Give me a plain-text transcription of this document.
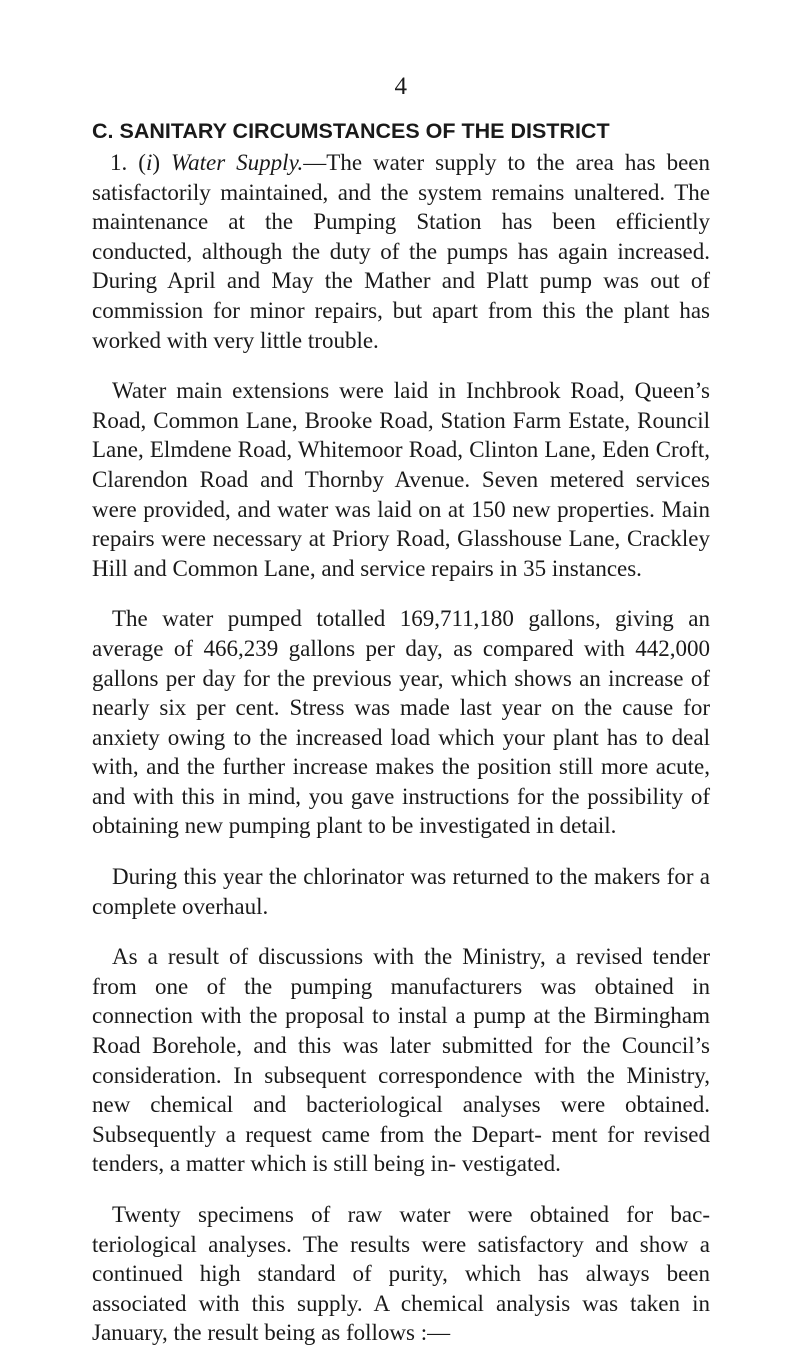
4
C. SANITARY CIRCUMSTANCES OF THE DISTRICT

1. (i) Water Supply.—The water supply to the area has been satisfactorily maintained, and the system remains unaltered. The maintenance at the Pumping Station has been efficiently conducted, although the duty of the pumps has again increased. During April and May the Mather and Platt pump was out of commission for minor repairs, but apart from this the plant has worked with very little trouble.

Water main extensions were laid in Inchbrook Road, Queen’s Road, Common Lane, Brooke Road, Station Farm Estate, Rouncil Lane, Elmdene Road, Whitemoor Road, Clinton Lane, Eden Croft, Clarendon Road and Thornby Avenue. Seven metered services were provided, and water was laid on at 150 new properties. Main repairs were necessary at Priory Road, Glasshouse Lane, Crackley Hill and Common Lane, and service repairs in 35 instances.

The water pumped totalled 169,711,180 gallons, giving an average of 466,239 gallons per day, as compared with 442,000 gallons per day for the previous year, which shows an increase of nearly six per cent. Stress was made last year on the cause for anxiety owing to the increased load which your plant has to deal with, and the further increase makes the position still more acute, and with this in mind, you gave instructions for the possibility of obtaining new pumping plant to be investigated in detail.

During this year the chlorinator was returned to the makers for a complete overhaul.

As a result of discussions with the Ministry, a revised tender from one of the pumping manufacturers was obtained in connection with the proposal to instal a pump at the Birmingham Road Borehole, and this was later submitted for the Council’s consideration. In subsequent correspondence with the Ministry, new chemical and bacteriological analyses were obtained. Subsequently a request came from the Depart- ment for revised tenders, a matter which is still being in- vestigated.

Twenty specimens of raw water were obtained for bac- teriological analyses. The results were satisfactory and show a continued high standard of purity, which has always been associated with this supply. A chemical analysis was taken in January, the result being as follows :—
